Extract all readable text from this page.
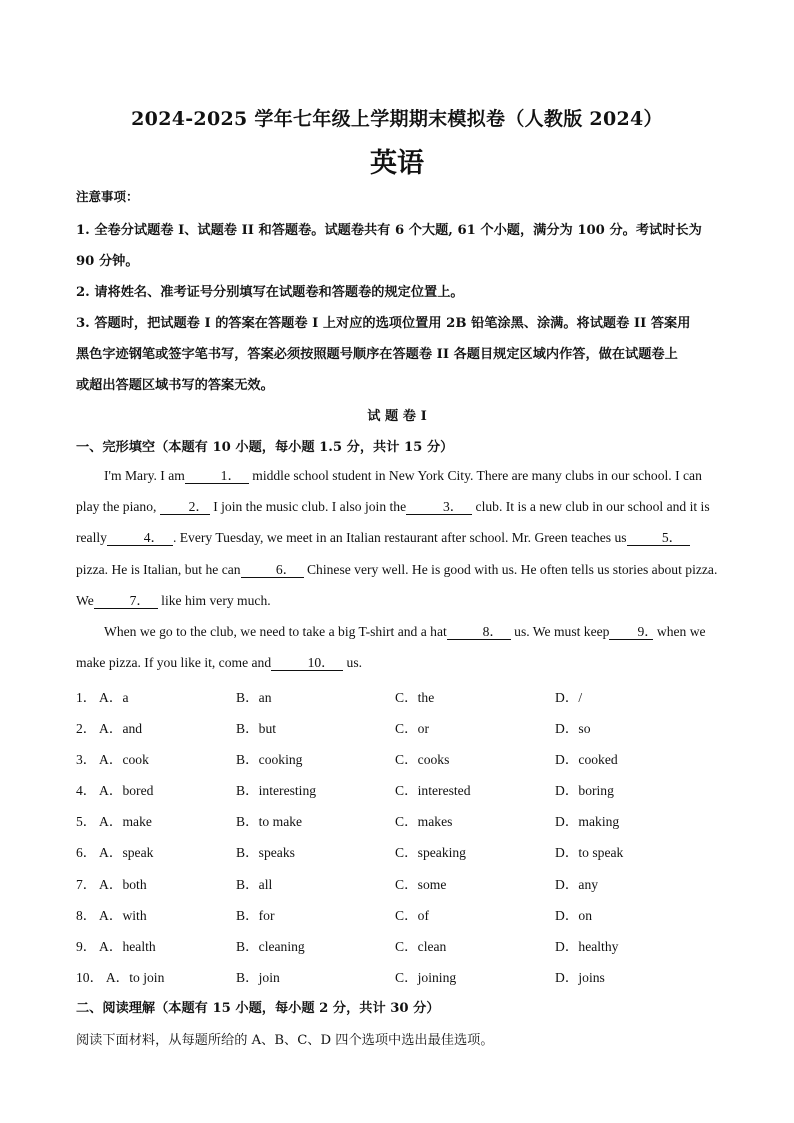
2024-2025 学年七年级上学期期末模拟卷（人教版 2024）
英语
注意事项：
1. 全卷分试题卷 I、试题卷 II 和答题卷。试题卷共有 6 个大题, 61 个小题，满分为 100 分。考试时长为
90 分钟。
2. 请将姓名、准考证号分别填写在试题卷和答题卷的规定位置上。
3. 答题时，把试题卷 I 的答案在答题卷 I 上对应的选项位置用 2B 铅笔涂黑、涂满。将试题卷 II 答案用
黑色字迹钢笔或签字笔书写，答案必须按照题号顺序在答题卷 II 各题目规定区域内作答，做在试题卷上
或超出答题区域书写的答案无效。
试 题 卷 I
一、完形填空（本题有 10 小题，每小题 1.5 分，共计 15 分）
I'm Mary. I am	1． middle school student in New York City. There are many clubs in our school. I can play the piano, 2． I join the music club. I also join the	3． club. It is a new club in our school and it is really	4． . Every Tuesday, we meet in an Italian restaurant after school. Mr. Green teaches us	5． pizza. He is Italian, but he can	6． Chinese very well. He is good with us. He often tells us stories about pizza. We	7． like him very much.
When we go to the club, we need to take a big T-shirt and a hat	8． us. We must keep 9． when we make pizza. If you like it, come and	10． us.
1． A．a	B．an	C．the	D．/
2． A．and	B．but	C．or	D．so
3． A．cook	B．cooking	C．cooks	D．cooked
4． A．bored	B．interesting	C．interested	D．boring
5． A．make	B．to make	C．makes	D．making
6． A．speak	B．speaks	C．speaking	D．to speak
7． A．both	B．all	C．some	D．any
8． A．with	B．for	C．of	D．on
9． A．health	B．cleaning	C．clean	D．healthy
10． A．to join	B．join	C．joining	D．joins
二、阅读理解（本题有 15 小题，每小题 2 分，共计 30 分）
阅读下面材料，从每题所给的 A、B、C、D 四个选项中选出最佳选项。
